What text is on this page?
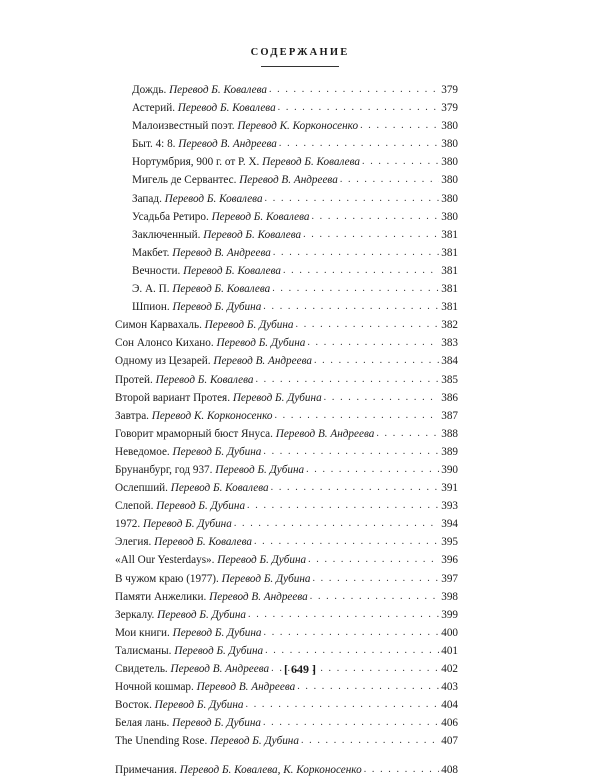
СОДЕРЖАНИЕ
Дождь. Перевод Б. Ковалева . . .	379
Астерий. Перевод Б. Ковалева . . .	379
Малоизвестный поэт. Перевод К. Корконосенко . . .	380
Быт. 4: 8. Перевод В. Андреева . . .	380
Нортумбрия, 900 г. от Р. Х. Перевод Б. Ковалева . . .	380
Мигель де Сервантес. Перевод В. Андреева . . .	380
Запад. Перевод Б. Ковалева . . .	380
Усадьба Ретиро. Перевод Б. Ковалева . . .	380
Заключенный. Перевод Б. Ковалева . . .	381
Макбет. Перевод В. Андреева . . .	381
Вечности. Перевод Б. Ковалева . . .	381
Э. А. П. Перевод Б. Ковалева . . .	381
Шпион. Перевод Б. Дубина . . .	381
Симон Карвахаль. Перевод Б. Дубина . . .	382
Сон Алонсо Кихано. Перевод Б. Дубина . . .	383
Одному из Цезарей. Перевод В. Андреева . . .	384
Протей. Перевод Б. Ковалева . . .	385
Второй вариант Протея. Перевод Б. Дубина . . .	386
Завтра. Перевод К. Корконосенко . . .	387
Говорит мраморный бюст Януса. Перевод В. Андреева . . .	388
Неведомое. Перевод Б. Дубина . . .	389
Брунанбург, год 937. Перевод Б. Дубина . . .	390
Ослепший. Перевод Б. Ковалева . . .	391
Слепой. Перевод Б. Дубина . . .	393
1972. Перевод Б. Дубина . . .	394
Элегия. Перевод Б. Ковалева . . .	395
«All Our Yesterdays». Перевод Б. Дубина . . .	396
В чужом краю (1977). Перевод Б. Дубина . . .	397
Памяти Анжелики. Перевод В. Андреева . . .	398
Зеркалу. Перевод Б. Дубина . . .	399
Мои книги. Перевод Б. Дубина . . .	400
Талисманы. Перевод Б. Дубина . . .	401
Свидетель. Перевод В. Андреева . . .	402
Ночной кошмар. Перевод В. Андреева . . .	403
Восток. Перевод Б. Дубина . . .	404
Белая лань. Перевод Б. Дубина . . .	406
The Unending Rose. Перевод Б. Дубина . . .	407
Примечания. Перевод Б. Ковалева, К. Корконосенко . . .	408
[ 649 ]
